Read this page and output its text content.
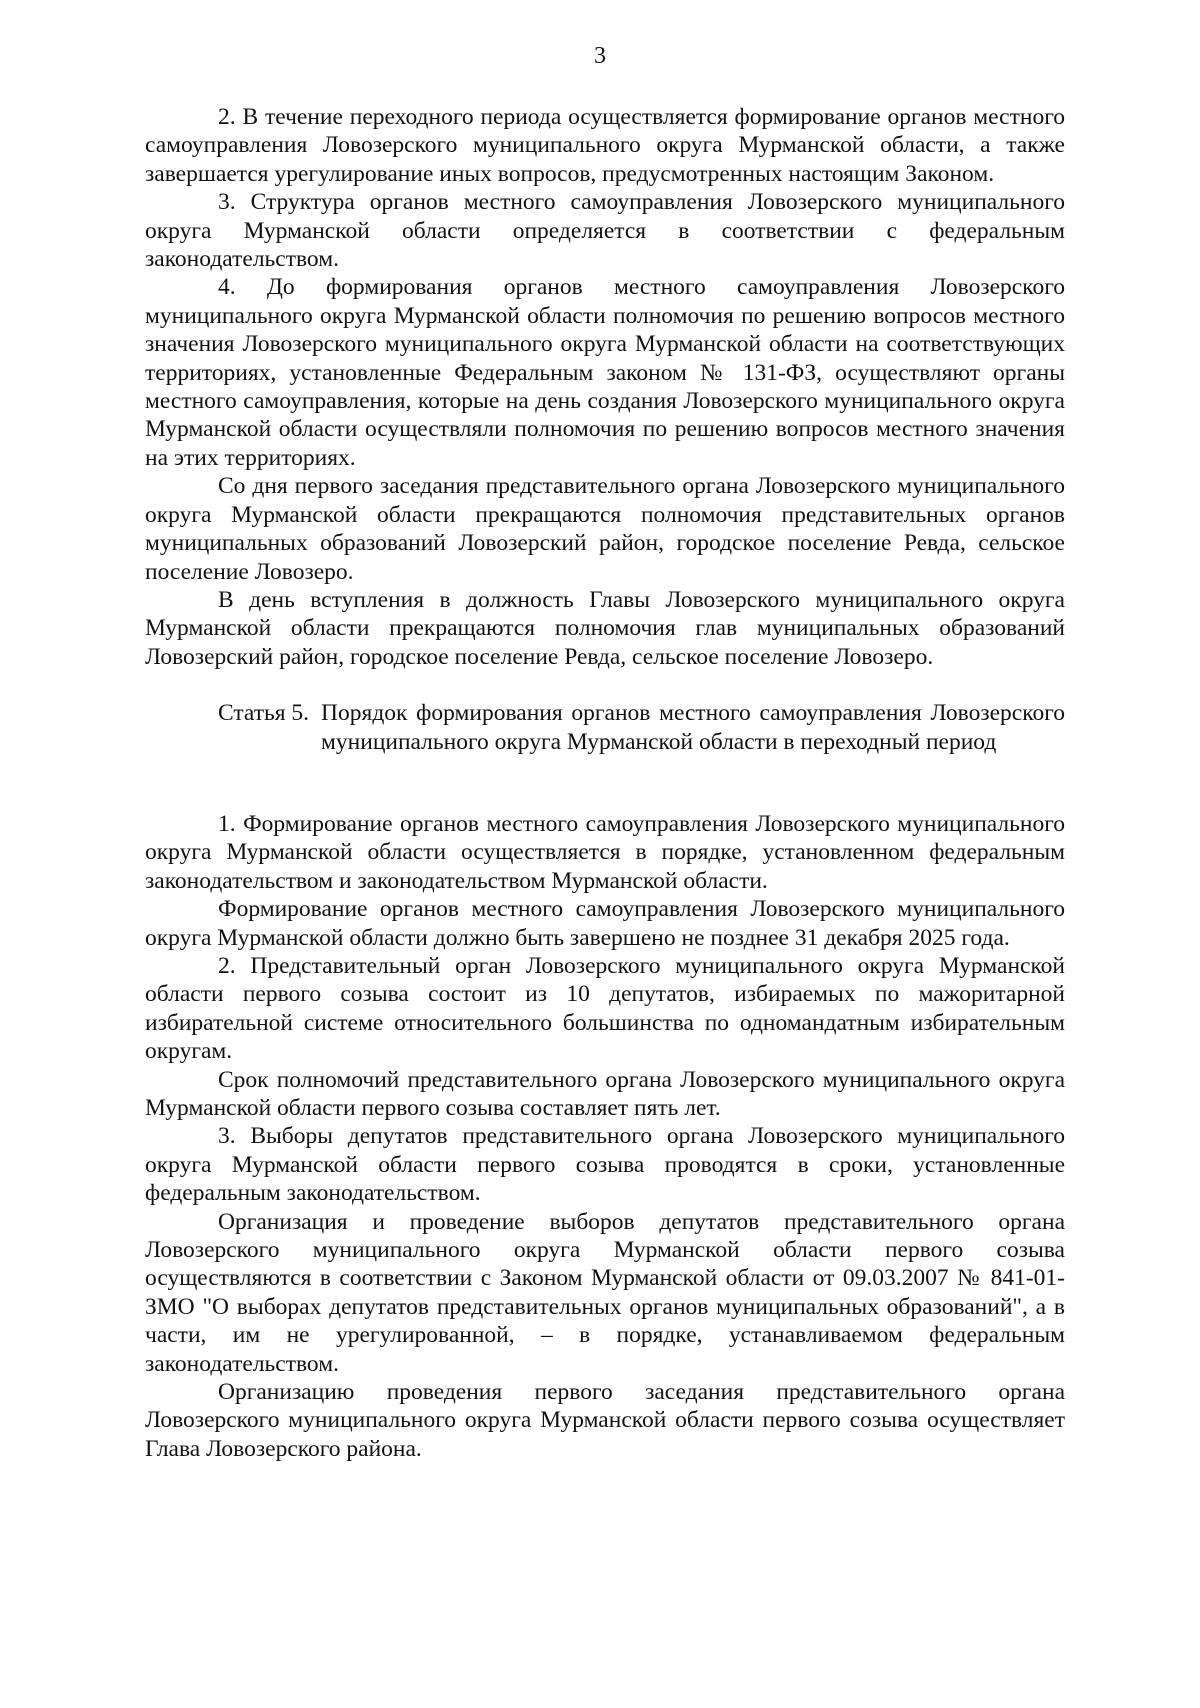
3

2. В течение переходного периода осуществляется формирование органов местного самоуправления Ловозерского муниципального округа Мурманской области, а также завершается урегулирование иных вопросов, предусмотренных настоящим Законом.

3. Структура органов местного самоуправления Ловозерского муниципального округа Мурманской области определяется в соответствии с федеральным законодательством.

4. До формирования органов местного самоуправления Ловозерского муниципального округа Мурманской области полномочия по решению вопросов местного значения Ловозерского муниципального округа Мурманской области на соответствующих территориях, установленные Федеральным законом № 131-ФЗ, осуществляют органы местного самоуправления, которые на день создания Ловозерского муниципального округа Мурманской области осуществляли полномочия по решению вопросов местного значения на этих территориях.

Со дня первого заседания представительного органа Ловозерского муниципального округа Мурманской области прекращаются полномочия представительных органов муниципальных образований Ловозерский район, городское поселение Ревда, сельское поселение Ловозеро.

В день вступления в должность Главы Ловозерского муниципального округа Мурманской области прекращаются полномочия глав муниципальных образований Ловозерский район, городское поселение Ревда, сельское поселение Ловозеро.

Статья 5. Порядок формирования органов местного самоуправления Ловозерского муниципального округа Мурманской области в переходный период

1. Формирование органов местного самоуправления Ловозерского муниципального округа Мурманской области осуществляется в порядке, установленном федеральным законодательством и законодательством Мурманской области.

Формирование органов местного самоуправления Ловозерского муниципального округа Мурманской области должно быть завершено не позднее 31 декабря 2025 года.

2. Представительный орган Ловозерского муниципального округа Мурманской области первого созыва состоит из 10 депутатов, избираемых по мажоритарной избирательной системе относительного большинства по одномандатным избирательным округам.

Срок полномочий представительного органа Ловозерского муниципального округа Мурманской области первого созыва составляет пять лет.

3. Выборы депутатов представительного органа Ловозерского муниципального округа Мурманской области первого созыва проводятся в сроки, установленные федеральным законодательством.

Организация и проведение выборов депутатов представительного органа Ловозерского муниципального округа Мурманской области первого созыва осуществляются в соответствии с Законом Мурманской области от 09.03.2007 № 841-01-ЗМО "О выборах депутатов представительных органов муниципальных образований", а в части, им не урегулированной, – в порядке, устанавливаемом федеральным законодательством.

Организацию проведения первого заседания представительного органа Ловозерского муниципального округа Мурманской области первого созыва осуществляет Глава Ловозерского района.
